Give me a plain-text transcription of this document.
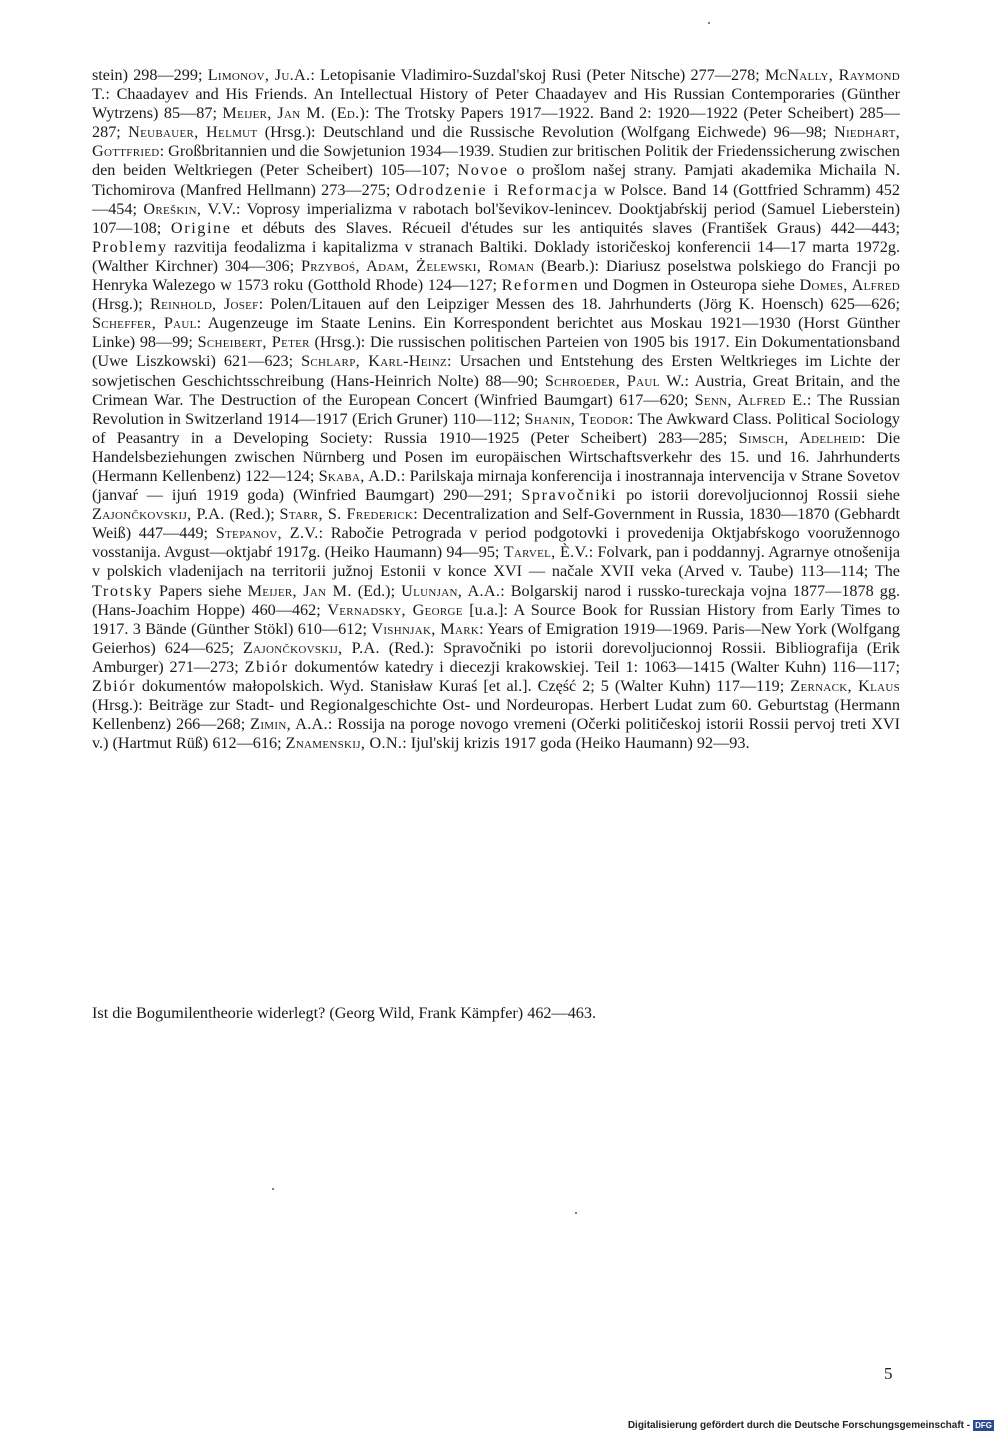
stein) 298—299; Limonov, Ju.A.: Letopisanie Vladimiro-Suzdal'skoj Rusi (Peter Nitsche) 277—278; McNally, Raymond T.: Chaadayev and His Friends. An Intellectual History of Peter Chaadayev and His Russian Contemporaries (Günther Wytrzens) 85—87; Meijer, Jan M. (Ed.): The Trotsky Papers 1917—1922. Band 2: 1920—1922 (Peter Scheibert) 285—287; Neubauer, Helmut (Hrsg.): Deutschland und die Russische Revolution (Wolfgang Eichwede) 96—98; Niedhart, Gottfried: Großbritannien und die Sowjetunion 1934—1939. Studien zur britischen Politik der Friedenssicherung zwischen den beiden Weltkriegen (Peter Scheibert) 105—107; Novoe o prošlom našej strany. Pamjati akademika Michaila N. Tichomirova (Manfred Hellmann) 273—275; Odrodzenie i Reformacja w Polsce. Band 14 (Gottfried Schramm) 452—454; Oreškin, V.V.: Voprosy imperializma v rabotach bol'ševikov-lenincev. Dooktjabŕskij period (Samuel Lieberstein) 107—108; Origine et débuts des Slaves. Récueil d'études sur les antiquités slaves (František Graus) 442—443; Problemy razvitija feodalizma i kapitalizma v stranach Baltiki. Doklady istoričeskoj konferencii 14—17 marta 1972g. (Walther Kirchner) 304—306; Przyboś, Adam, Żelewski, Roman (Bearb.): Diariusz poselstwa polskiego do Francji po Henryka Walezego w 1573 roku (Gotthold Rhode) 124—127; Reformen und Dogmen in Osteuropa siehe Domes, Alfred (Hrsg.); Reinhold, Josef: Polen/Litauen auf den Leipziger Messen des 18. Jahrhunderts (Jörg K. Hoensch) 625—626; Scheffer, Paul: Augenzeuge im Staate Lenins. Ein Korrespondent berichtet aus Moskau 1921—1930 (Horst Günther Linke) 98—99; Scheibert, Peter (Hrsg.): Die russischen politischen Parteien von 1905 bis 1917. Ein Dokumentationsband (Uwe Liszkowski) 621—623; Schlarp, Karl-Heinz: Ursachen und Entstehung des Ersten Weltkrieges im Lichte der sowjetischen Geschichtsschreibung (Hans-Heinrich Nolte) 88—90; Schroeder, Paul W.: Austria, Great Britain, and the Crimean War. The Destruction of the European Concert (Winfried Baumgart) 617—620; Senn, Alfred E.: The Russian Revolution in Switzerland 1914—1917 (Erich Gruner) 110—112; Shanin, Teodor: The Awkward Class. Political Sociology of Peasantry in a Developing Society: Russia 1910—1925 (Peter Scheibert) 283—285; Simsch, Adelheid: Die Handelsbeziehungen zwischen Nürnberg und Posen im europäischen Wirtschaftsverkehr des 15. und 16. Jahrhunderts (Hermann Kellenbenz) 122—124; Skaba, A.D.: Parilskaja mirnaja konferencija i inostrannaja intervencija v Strane Sovetov (janvaŕ — ijuń 1919 goda) (Winfried Baumgart) 290—291; Spravočniki po istorii dorevoljucionnoj Rossii siehe Zajončkovskij, P.A. (Red.); Starr, S. Frederick: Decentralization and Self-Government in Russia, 1830—1870 (Gebhardt Weiß) 447—449; Stepanov, Z.V.: Rabočie Petrograda v period podgotovki i provedenija Oktjabŕskogo vooružennogo vosstanija. Avgust—oktjabŕ 1917g. (Heiko Haumann) 94—95; Tarvel, È.V.: Folvark, pan i poddannyj. Agrarnye otnošenija v polskich vladenijach na territorii južnoj Estonii v konce XVI — načale XVII veka (Arved v. Taube) 113—114; The Trotsky Papers siehe Meijer, Jan M. (Ed.); Ulunjan, A.A.: Bolgarskij narod i russko-tureckaja vojna 1877—1878 gg. (Hans-Joachim Hoppe) 460—462; Vernadsky, George [u.a.]: A Source Book for Russian History from Early Times to 1917. 3 Bände (Günther Stökl) 610—612; Vishnjak, Mark: Years of Emigration 1919—1969. Paris—New York (Wolfgang Geierhos) 624—625; Zajončkovskij, P.A. (Red.): Spravočniki po istorii dorevoljucionnoj Rossii. Bibliografija (Erik Amburger) 271—273; Zbiór dokumentów katedry i diecezji krakowskiej. Teil 1: 1063—1415 (Walter Kuhn) 116—117; Zbiór dokumentów małopolskich. Wyd. Stanisław Kuraś [et al.]. Część 2; 5 (Walter Kuhn) 117—119; Zernack, Klaus (Hrsg.): Beiträge zur Stadt- und Regionalgeschichte Ost- und Nordeuropas. Herbert Ludat zum 60. Geburtstag (Hermann Kellenbenz) 266—268; Zimin, A.A.: Rossija na poroge novogo vremeni (Očerki političeskoj istorii Rossii pervoj treti XVI v.) (Hartmut Rüß) 612—616; Znamenskij, O.N.: Ijul'skij krizis 1917 goda (Heiko Haumann) 92—93.

Ist die Bogumilentheorie widerlegt? (Georg Wild, Frank Kämpfer) 462—463.
5
Digitalisierung gefördert durch die Deutsche Forschungsgemeinschaft - DFG
